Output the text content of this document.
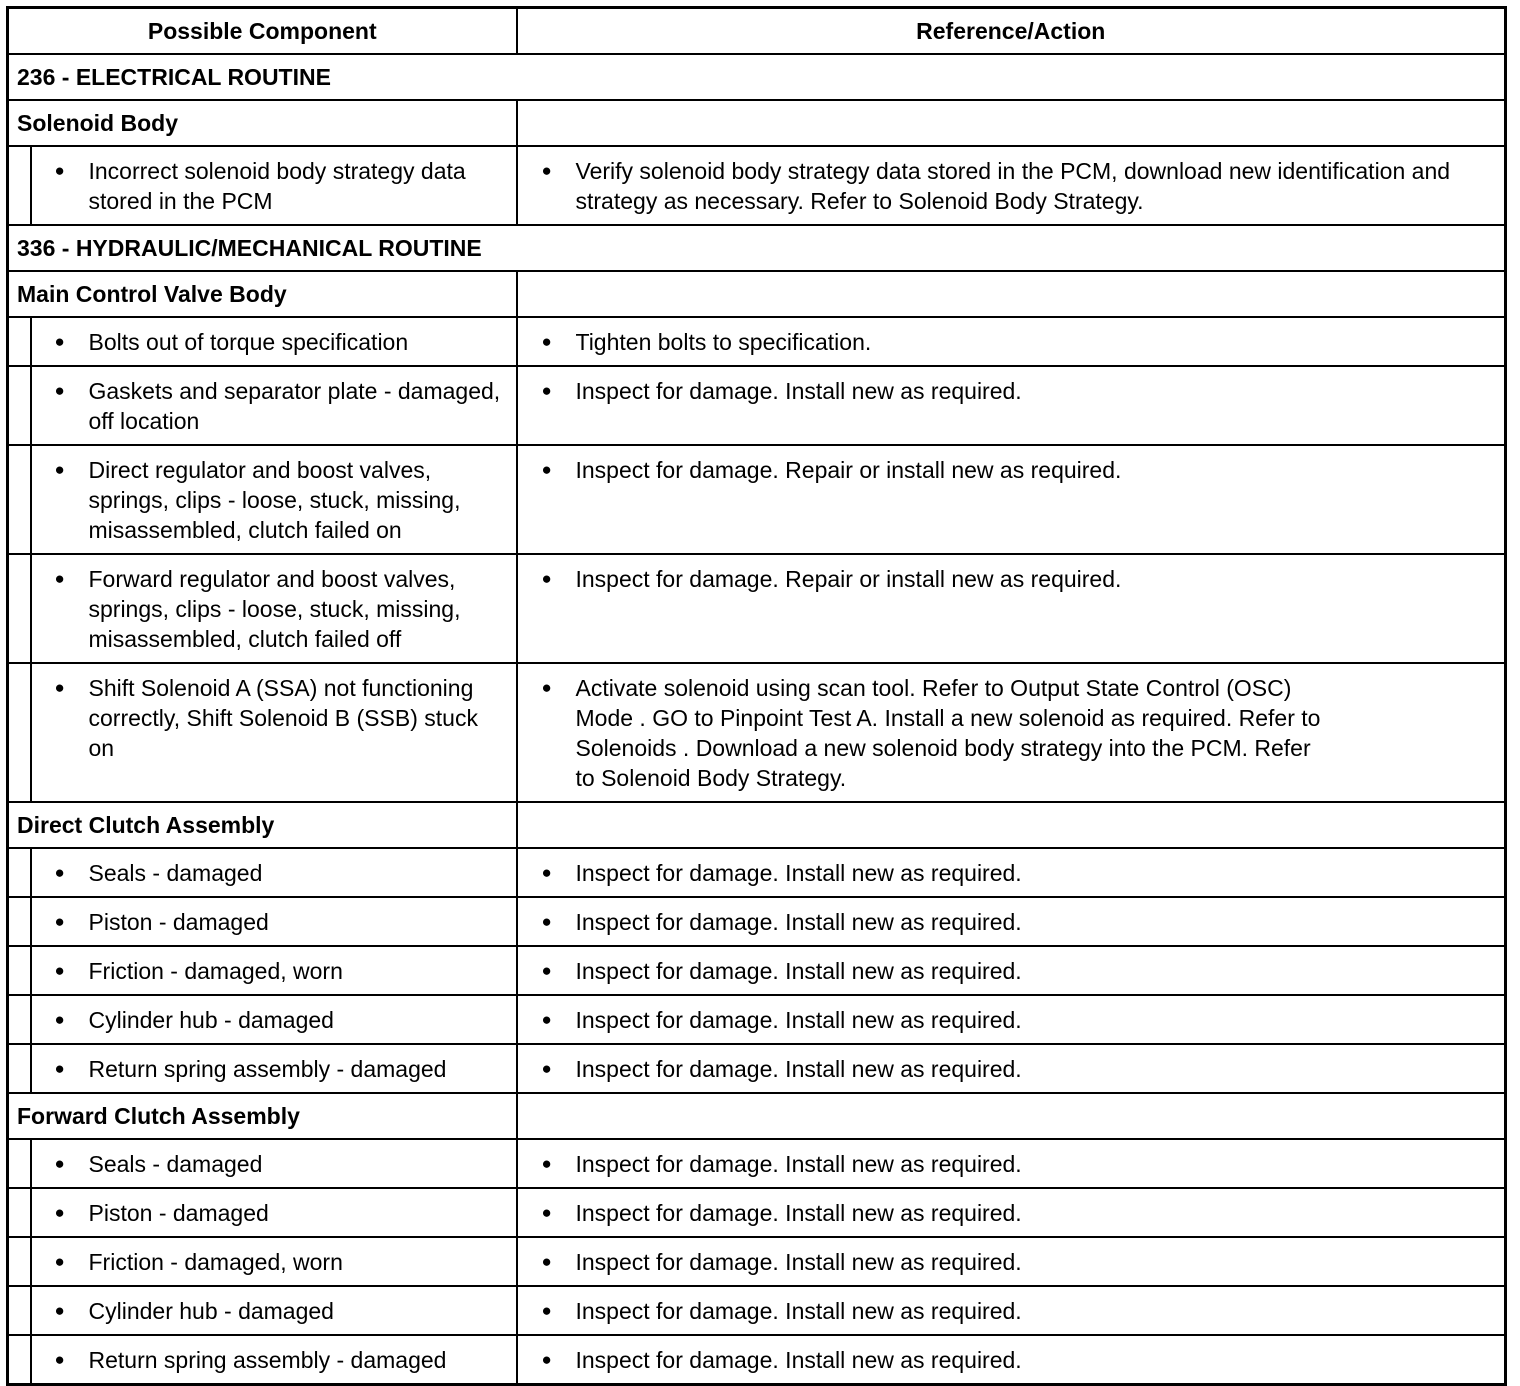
Possible Component		Reference/Action
236 - ELECTRICAL ROUTINE		
Solenoid Body		

	● Incorrect solenoid body strategy data stored in the PCM	● Verify solenoid body strategy data stored in the PCM, download new identification and strategy as necessary. Refer to Solenoid Body Strategy.

336 - HYDRAULIC/MECHANICAL ROUTINE		
Main Control Valve Body		

	● Bolts out of torque specification	● Tighten bolts to specification.

	● Gaskets and separator plate - damaged, off location	● Inspect for damage. Install new as required.

	● Direct regulator and boost valves, springs, clips - loose, stuck, missing, misassembled, clutch failed on	● Inspect for damage. Repair or install new as required.

	● Forward regulator and boost valves, springs, clips - loose, stuck, missing, misassembled, clutch failed off	● Inspect for damage. Repair or install new as required.

	● Shift Solenoid A (SSA) not functioning correctly, Shift Solenoid B (SSB) stuck on	● Activate solenoid using scan tool. Refer to Output State Control (OSC)
Mode . GO to Pinpoint Test A. Install a new solenoid as required. Refer to
Solenoids . Download a new solenoid body strategy into the PCM. Refer
to Solenoid Body Strategy.

Direct Clutch Assembly		

	● Seals - damaged	● Inspect for damage. Install new as required.

	● Piston - damaged	● Inspect for damage. Install new as required.

	● Friction - damaged, worn	● Inspect for damage. Install new as required.

	● Cylinder hub - damaged	● Inspect for damage. Install new as required.

	● Return spring assembly - damaged	● Inspect for damage. Install new as required.

Forward Clutch Assembly		

	● Seals - damaged	● Inspect for damage. Install new as required.

	● Piston - damaged	● Inspect for damage. Install new as required.

	● Friction - damaged, worn	● Inspect for damage. Install new as required.

	● Cylinder hub - damaged	● Inspect for damage. Install new as required.

	● Return spring assembly - damaged	● Inspect for damage. Install new as required.
